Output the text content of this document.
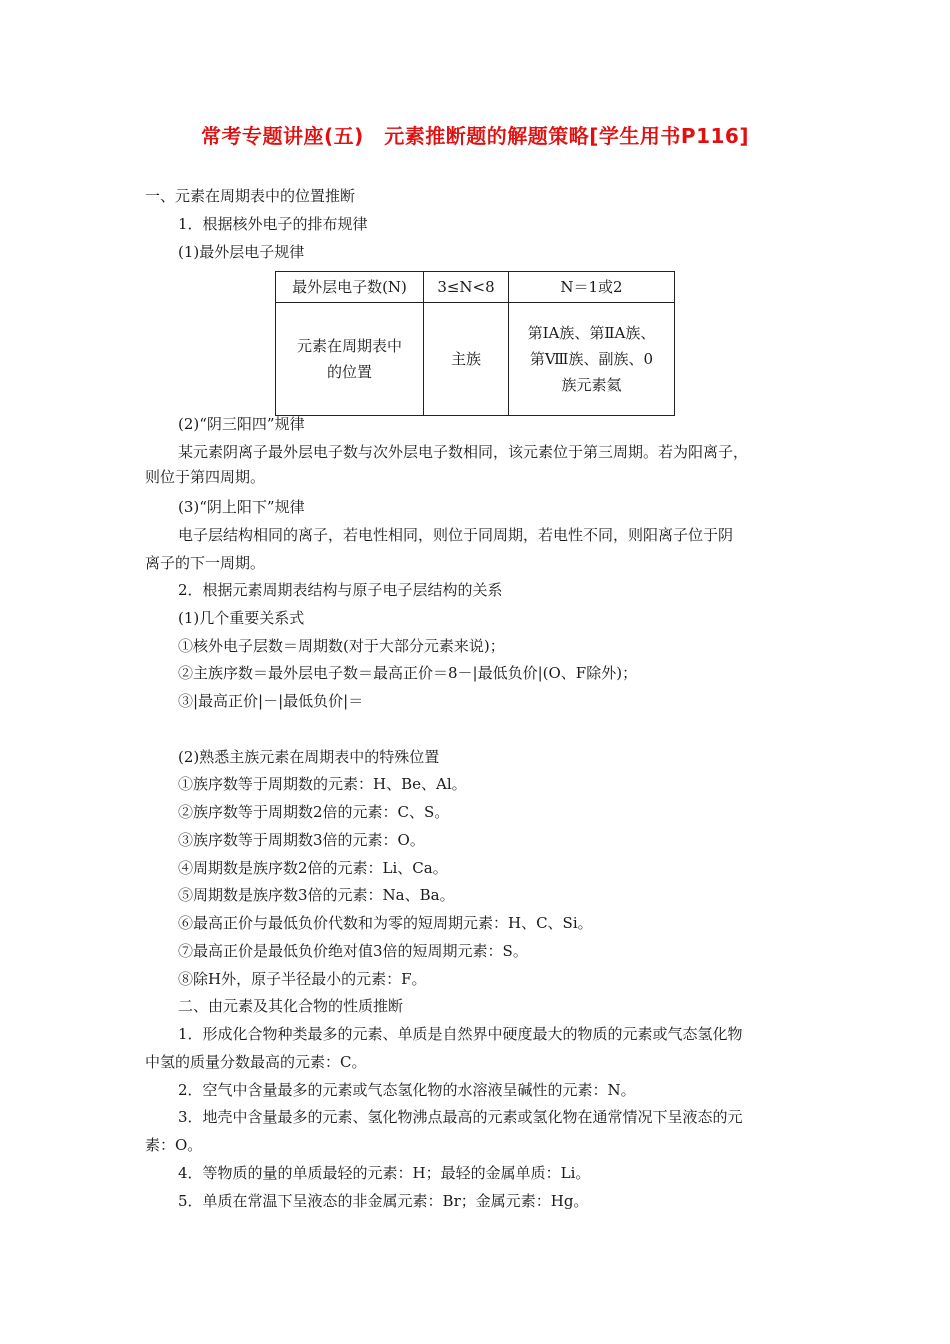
常考专题讲座(五)　元素推断题的解题策略[学生用书P116]
一、元素在周期表中的位置推断
1．根据核外电子的排布规律
(1)最外层电子规律
最外层电子数(N)	3≤N<8	N＝1或2
元素在周期表中的位置	主族	第ⅠA族、第ⅡA族、第Ⅷ族、副族、0族元素氦
(2)“阴三阳四”规律
某元素阴离子最外层电子数与次外层电子数相同，该元素位于第三周期。若为阳离子，
则位于第四周期。
(3)“阴上阳下”规律
电子层结构相同的离子，若电性相同，则位于同周期，若电性不同，则阳离子位于阴
离子的下一周期。
2．根据元素周期表结构与原子电子层结构的关系
(1)几个重要关系式
①核外电子层数＝周期数(对于大部分元素来说)；
②主族序数＝最外层电子数＝最高正价＝8－|最低负价|(O、F除外)；
③|最高正价|－|最低负价|＝
(2)熟悉主族元素在周期表中的特殊位置
①族序数等于周期数的元素：H、Be、Al。
②族序数等于周期数2倍的元素：C、S。
③族序数等于周期数3倍的元素：O。
④周期数是族序数2倍的元素：Li、Ca。
⑤周期数是族序数3倍的元素：Na、Ba。
⑥最高正价与最低负价代数和为零的短周期元素：H、C、Si。
⑦最高正价是最低负价绝对值3倍的短周期元素：S。
⑧除H外，原子半径最小的元素：F。
二、由元素及其化合物的性质推断
1．形成化合物种类最多的元素、单质是自然界中硬度最大的物质的元素或气态氢化物
中氢的质量分数最高的元素：C。
2．空气中含量最多的元素或气态氢化物的水溶液呈碱性的元素：N。
3．地壳中含量最多的元素、氢化物沸点最高的元素或氢化物在通常情况下呈液态的元
素：O。
4．等物质的量的单质最轻的元素：H；最轻的金属单质：Li。
5．单质在常温下呈液态的非金属元素：Br；金属元素：Hg。
